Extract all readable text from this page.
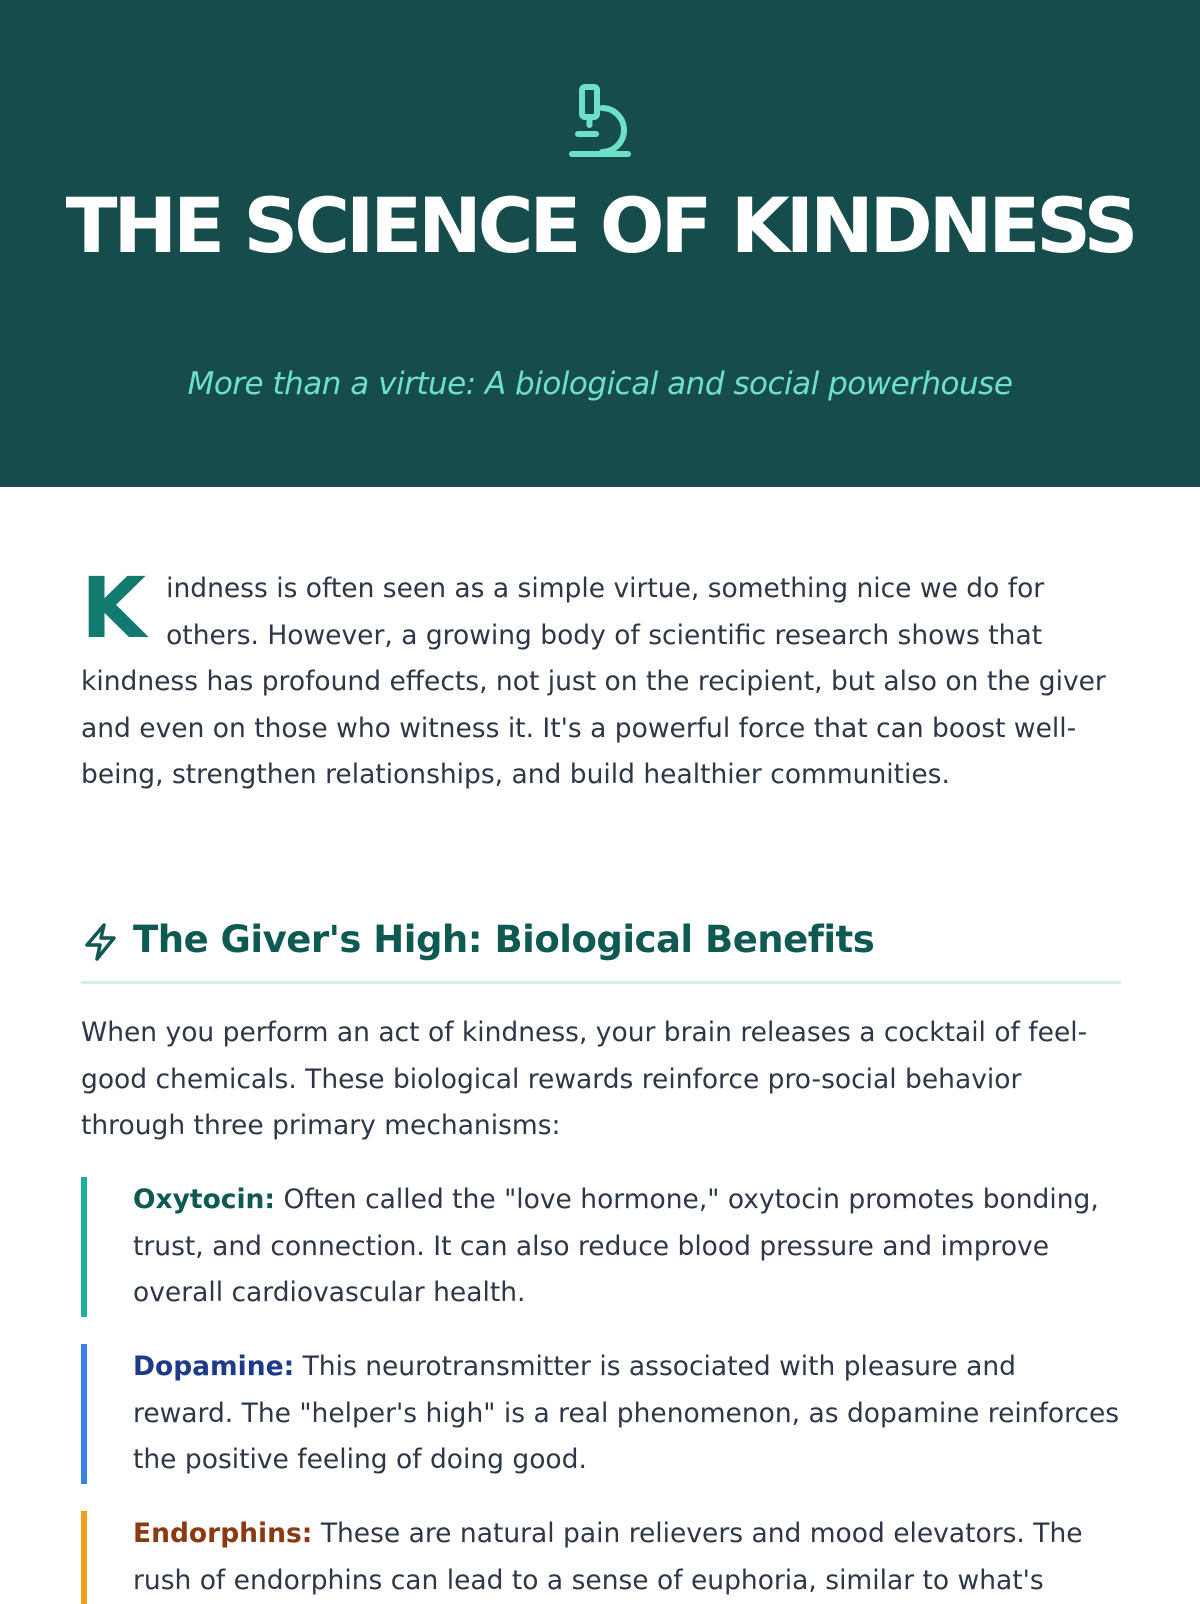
THE SCIENCE OF KINDNESS

More than a virtue: A biological and social powerhouse

Kindness is often seen as a simple virtue, something nice we do for others. However, a growing body of scientific research shows that kindness has profound effects, not just on the recipient, but also on the giver and even on those who witness it. It's a powerful force that can boost well-being, strengthen relationships, and build healthier communities.

The Giver's High: Biological Benefits

When you perform an act of kindness, your brain releases a cocktail of feel-good chemicals. These biological rewards reinforce pro-social behavior through three primary mechanisms:

Oxytocin: Often called the "love hormone," oxytocin promotes bonding, trust, and connection. It can also reduce blood pressure and improve overall cardiovascular health.
Dopamine: This neurotransmitter is associated with pleasure and reward. The "helper's high" is a real phenomenon, as dopamine reinforces the positive feeling of doing good.
Endorphins: These are natural pain relievers and mood elevators. The rush of endorphins can lead to a sense of euphoria, similar to what's
